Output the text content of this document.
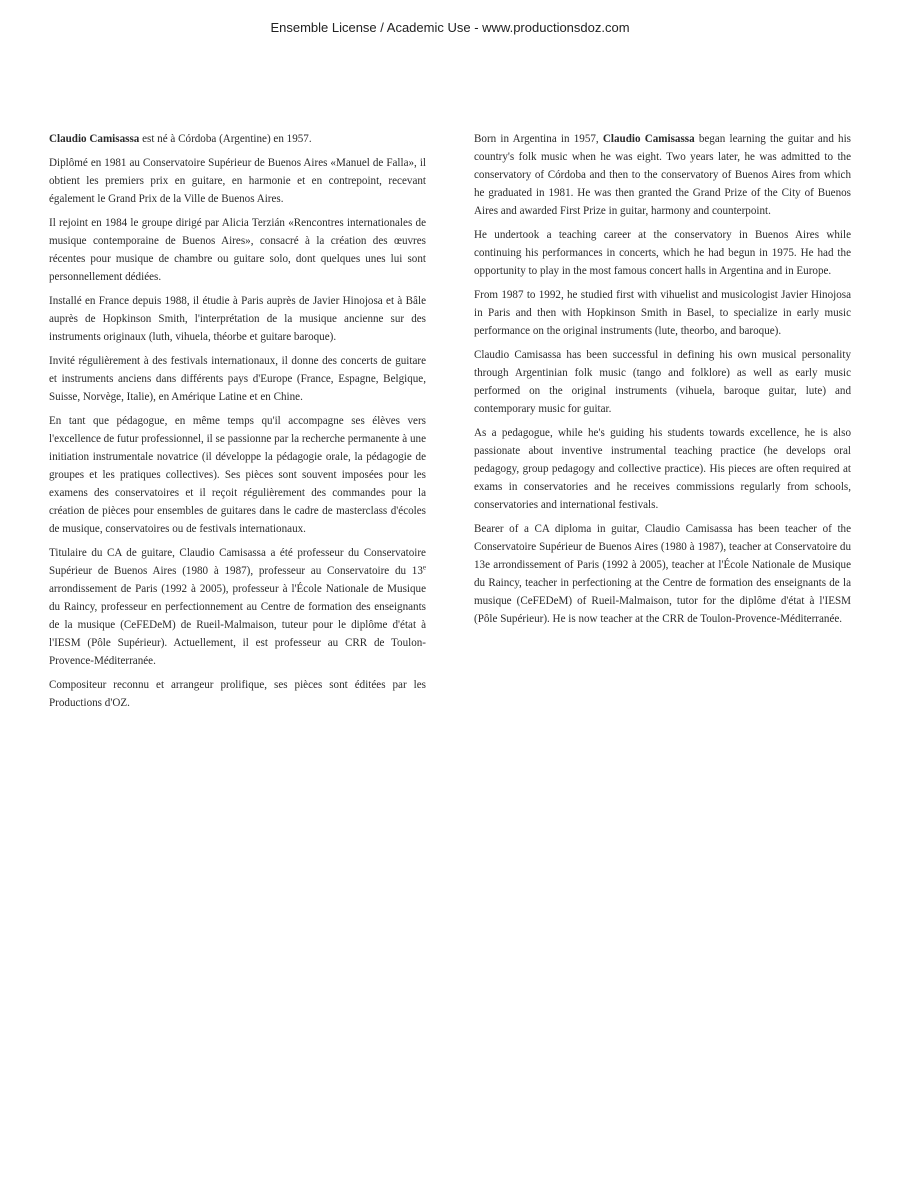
Ensemble License / Academic Use - www.productionsdoz.com

Claudio Camisassa est né à Córdoba (Argentine) en 1957.

Diplômé en 1981 au Conservatoire Supérieur de Buenos Aires «Manuel de Falla», il obtient les premiers prix en guitare, en harmonie et en contrepoint, recevant également le Grand Prix de la Ville de Buenos Aires.

Il rejoint en 1984 le groupe dirigé par Alicia Terzián «Rencontres internationales de musique contemporaine de Buenos Aires», consacré à la création des œuvres récentes pour musique de chambre ou guitare solo, dont quelques unes lui sont personnellement dédiées.

Installé en France depuis 1988, il étudie à Paris auprès de Javier Hinojosa et à Bâle auprès de Hopkinson Smith, l'interprétation de la musique ancienne sur des instruments originaux (luth, vihuela, théorbe et guitare baroque).

Invité régulièrement à des festivals internationaux, il donne des concerts de guitare et instruments anciens dans différents pays d'Europe (France, Espagne, Belgique, Suisse, Norvège, Italie), en Amérique Latine et en Chine.

En tant que pédagogue, en même temps qu'il accompagne ses élèves vers l'excellence de futur professionnel, il se passionne par la recherche permanente à une initiation instrumentale novatrice (il développe la pédagogie orale, la pédagogie de groupes et les pratiques collectives). Ses pièces sont souvent imposées pour les examens des conservatoires et il reçoit régulièrement des commandes pour la création de pièces pour ensembles de guitares dans le cadre de masterclass d'écoles de musique, conservatoires ou de festivals internationaux.

Titulaire du CA de guitare, Claudio Camisassa a été professeur du Conservatoire Supérieur de Buenos Aires (1980 à 1987), professeur au Conservatoire du 13e arrondissement de Paris (1992 à 2005), professeur à l'École Nationale de Musique du Raincy, professeur en perfectionnement au Centre de formation des enseignants de la musique (CeFEDeM) de Rueil-Malmaison, tuteur pour le diplôme d'état à l'IESM (Pôle Supérieur). Actuellement, il est professeur au CRR de Toulon-Provence-Méditerranée.

Compositeur reconnu et arrangeur prolifique, ses pièces sont éditées par les Productions d'OZ.

Born in Argentina in 1957, Claudio Camisassa began learning the guitar and his country's folk music when he was eight. Two years later, he was admitted to the conservatory of Córdoba and then to the conservatory of Buenos Aires from which he graduated in 1981. He was then granted the Grand Prize of the City of Buenos Aires and awarded First Prize in guitar, harmony and counterpoint.

He undertook a teaching career at the conservatory in Buenos Aires while continuing his performances in concerts, which he had begun in 1975. He had the opportunity to play in the most famous concert halls in Argentina and in Europe.

From 1987 to 1992, he studied first with vihuelist and musicologist Javier Hinojosa in Paris and then with Hopkinson Smith in Basel, to specialize in early music performance on the original instruments (lute, theorbo, and baroque).

Claudio Camisassa has been successful in defining his own musical personality through Argentinian folk music (tango and folklore) as well as early music performed on the original instruments (vihuela, baroque guitar, lute) and contemporary music for guitar.

As a pedagogue, while he's guiding his students towards excellence, he is also passionate about inventive instrumental teaching practice (he develops oral pedagogy, group pedagogy and collective practice). His pieces are often required at exams in conservatories and he receives commissions regularly from schools, conservatories and international festivals.

Bearer of a CA diploma in guitar, Claudio Camisassa has been teacher of the Conservatoire Supérieur de Buenos Aires (1980 à 1987), teacher at Conservatoire du 13e arrondissement of Paris (1992 à 2005), teacher at l'École Nationale de Musique du Raincy, teacher in perfectioning at the Centre de formation des enseignants de la musique (CeFEDeM) of Rueil-Malmaison, tutor for the diplôme d'état à l'IESM (Pôle Supérieur). He is now teacher at the CRR de Toulon-Provence-Méditerranée.
